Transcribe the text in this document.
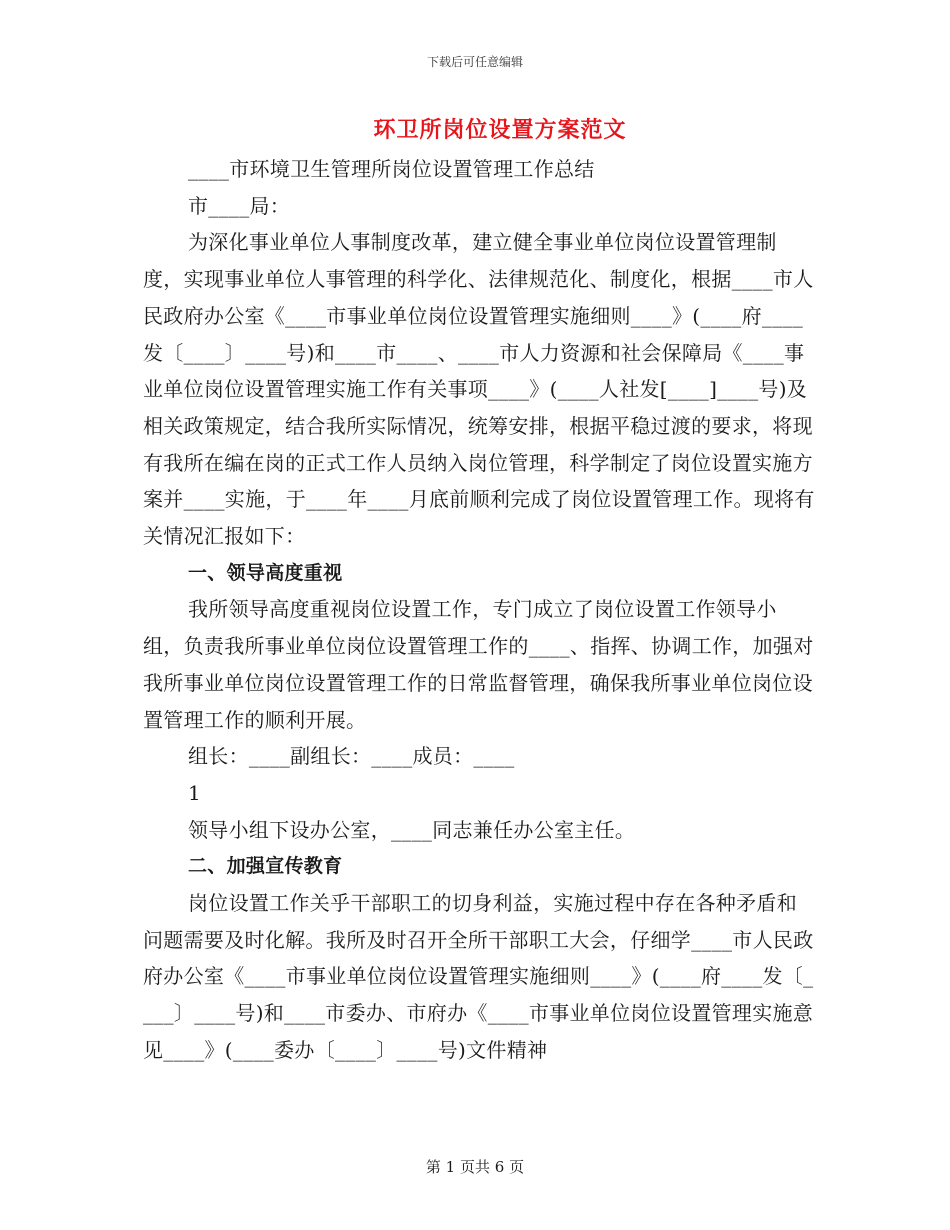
下载后可任意编辑
环卫所岗位设置方案范文

____市环境卫生管理所岗位设置管理工作总结

市____局：

为深化事业单位人事制度改革，建立健全事业单位岗位设置管理制度，实现事业单位人事管理的科学化、法律规范化、制度化，根据____市人民政府办公室《____市事业单位岗位设置管理实施细则____》(____府____发〔____〕____号)和____市____、____市人力资源和社会保障局《____事业单位岗位设置管理实施工作有关事项____》(____人社发[____]____号)及相关政策规定，结合我所实际情况，统筹安排，根据平稳过渡的要求，将现有我所在编在岗的正式工作人员纳入岗位管理，科学制定了岗位设置实施方案并____实施，于____年____月底前顺利完成了岗位设置管理工作。现将有关情况汇报如下：

一、领导高度重视

我所领导高度重视岗位设置工作，专门成立了岗位设置工作领导小组，负责我所事业单位岗位设置管理工作的____、指挥、协调工作，加强对我所事业单位岗位设置管理工作的日常监督管理，确保我所事业单位岗位设置管理工作的顺利开展。

组长：____副组长：____成员：____

1

领导小组下设办公室，____同志兼任办公室主任。

二、加强宣传教育

岗位设置工作关乎干部职工的切身利益，实施过程中存在各种矛盾和问题需要及时化解。我所及时召开全所干部职工大会，仔细学____市人民政府办公室《____市事业单位岗位设置管理实施细则____》(____府____发〔____〕____号)和____市委办、市府办《____市事业单位岗位设置管理实施意见____》(____委办〔____〕____号)文件精神

第 1 页共 6 页
